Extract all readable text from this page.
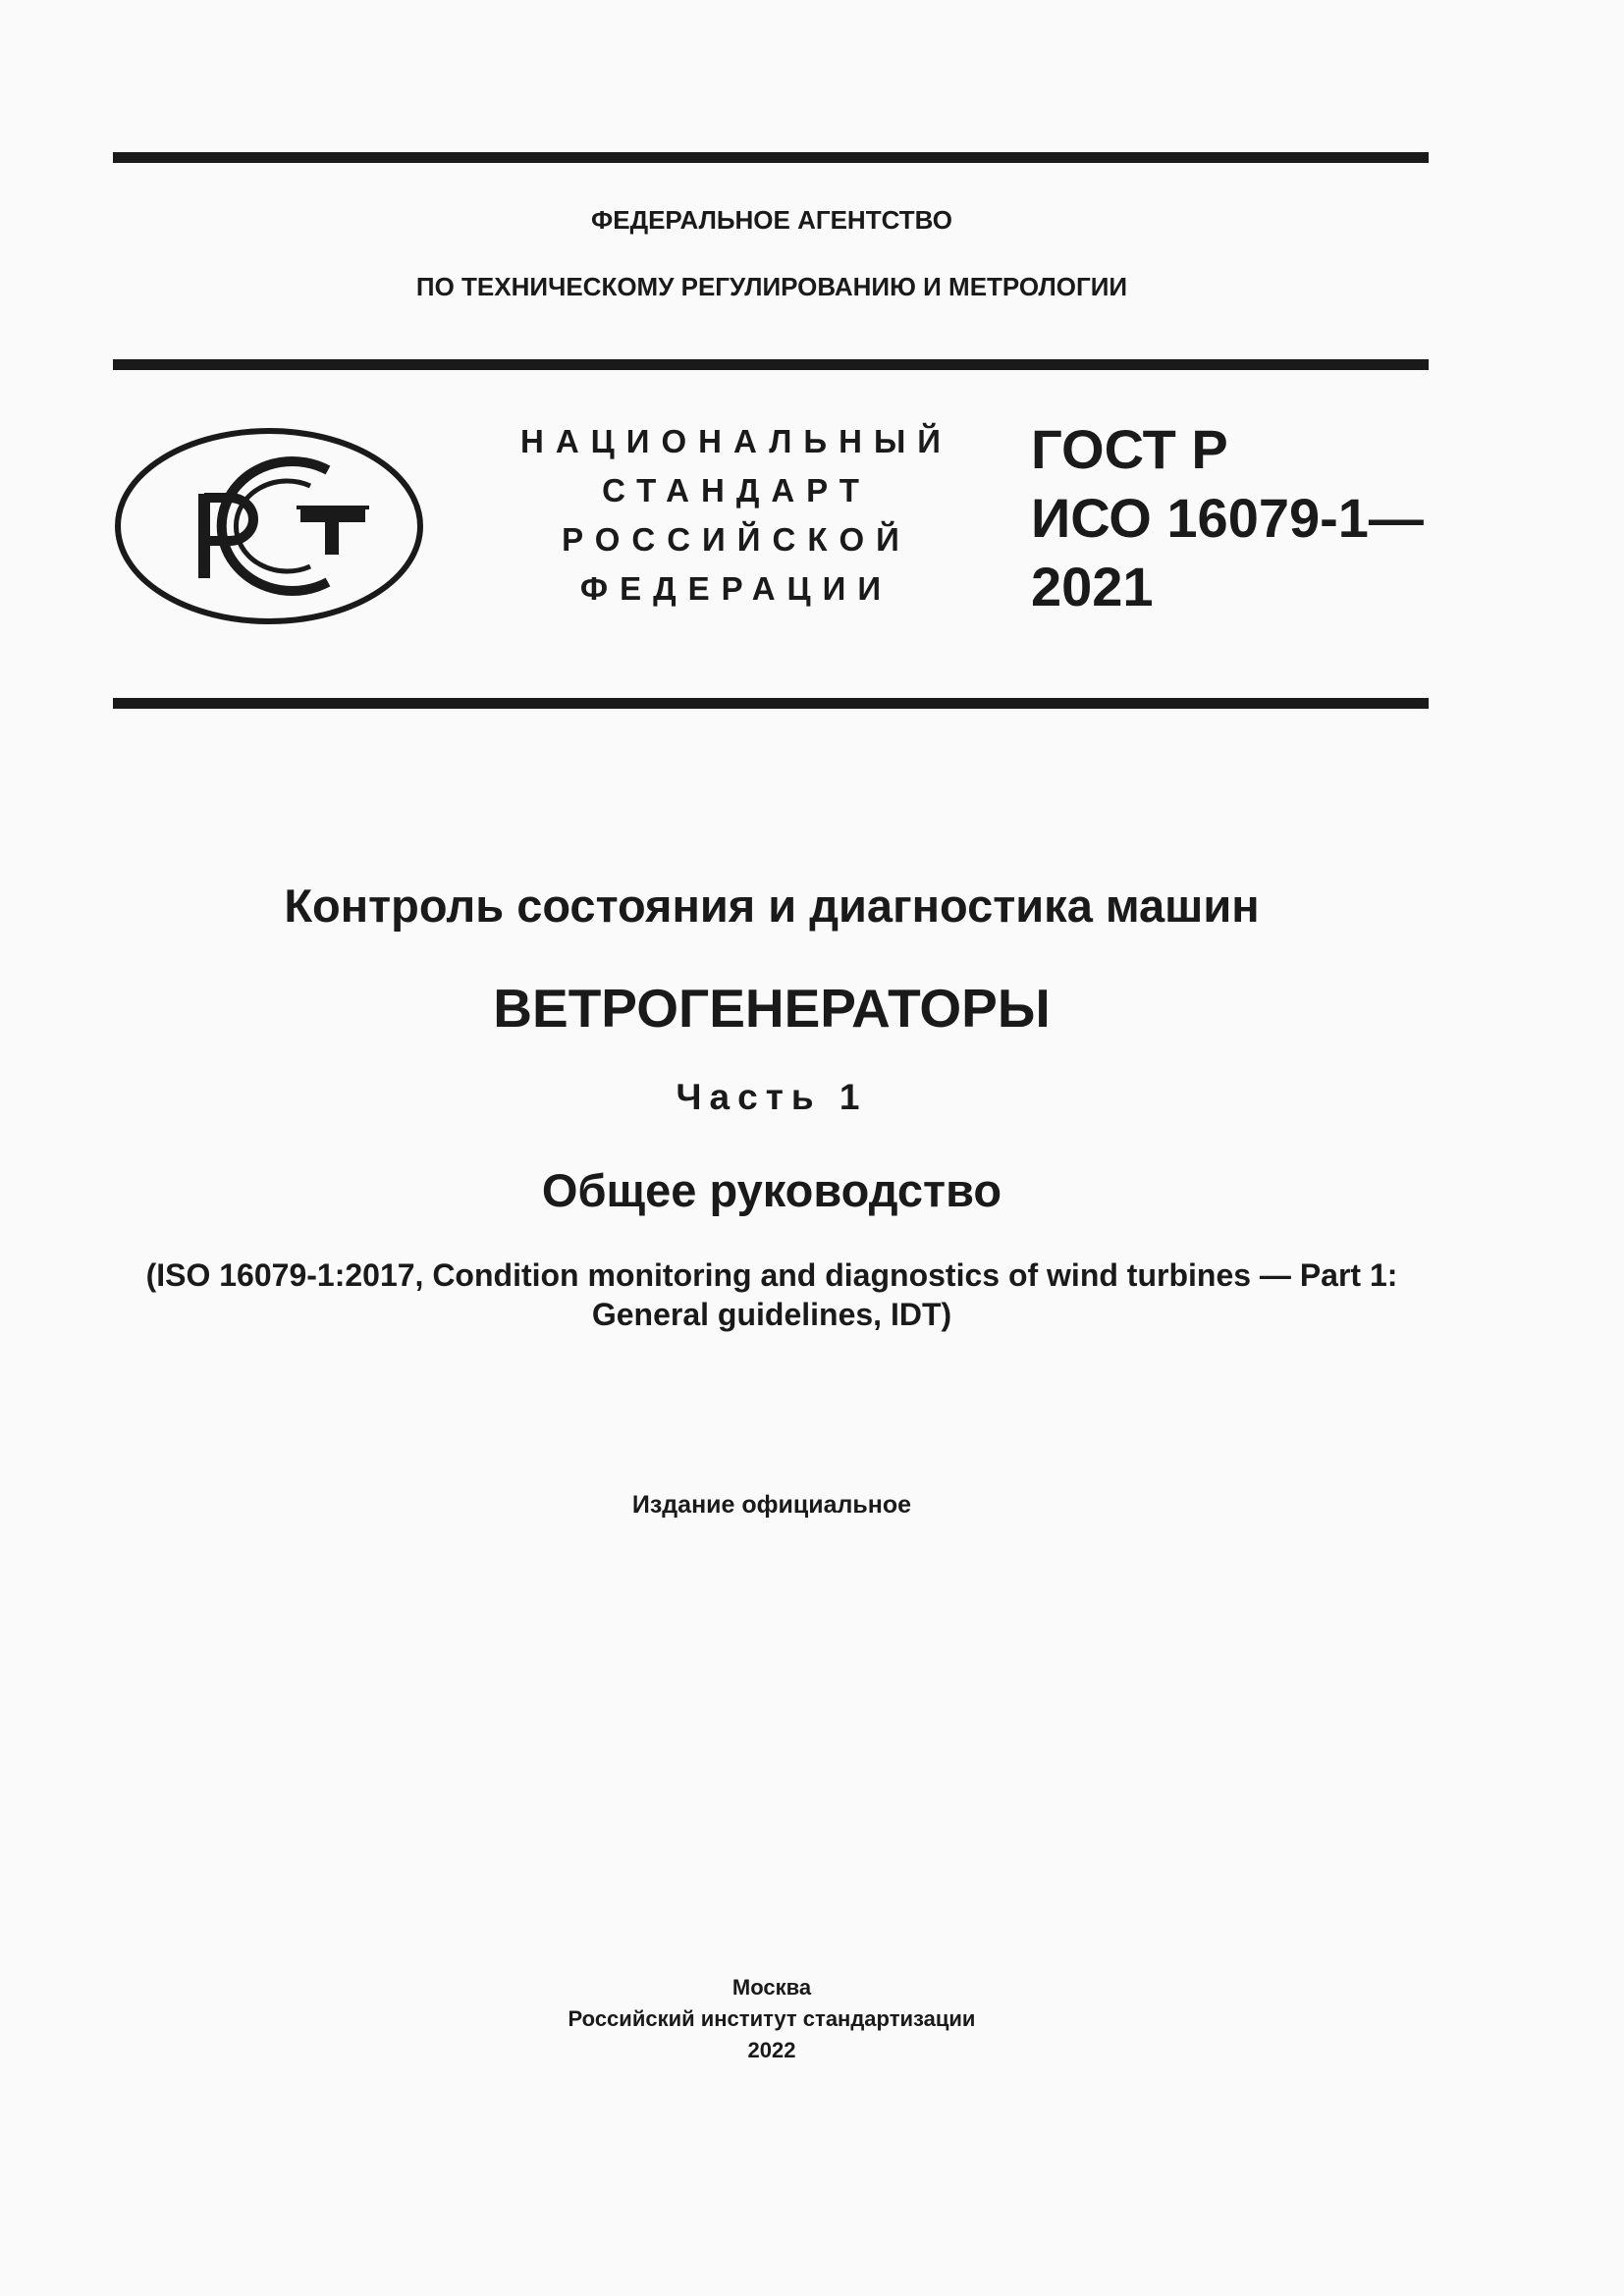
ФЕДЕРАЛЬНОЕ АГЕНТСТВО
ПО ТЕХНИЧЕСКОМУ РЕГУЛИРОВАНИЮ И МЕТРОЛОГИИ
НАЦИОНАЛЬНЫЙ
СТАНДАРТ
РОССИЙСКОЙ
ФЕДЕРАЦИИ
ГОСТ Р
ИСО 16079-1—
2021
Контроль состояния и диагностика машин
ВЕТРОГЕНЕРАТОРЫ
Часть 1
Общее руководство
(ISO 16079-1:2017, Condition monitoring and diagnostics of wind turbines — Part 1:
General guidelines, IDT)
Издание официальное
Москва
Российский институт стандартизации
2022
